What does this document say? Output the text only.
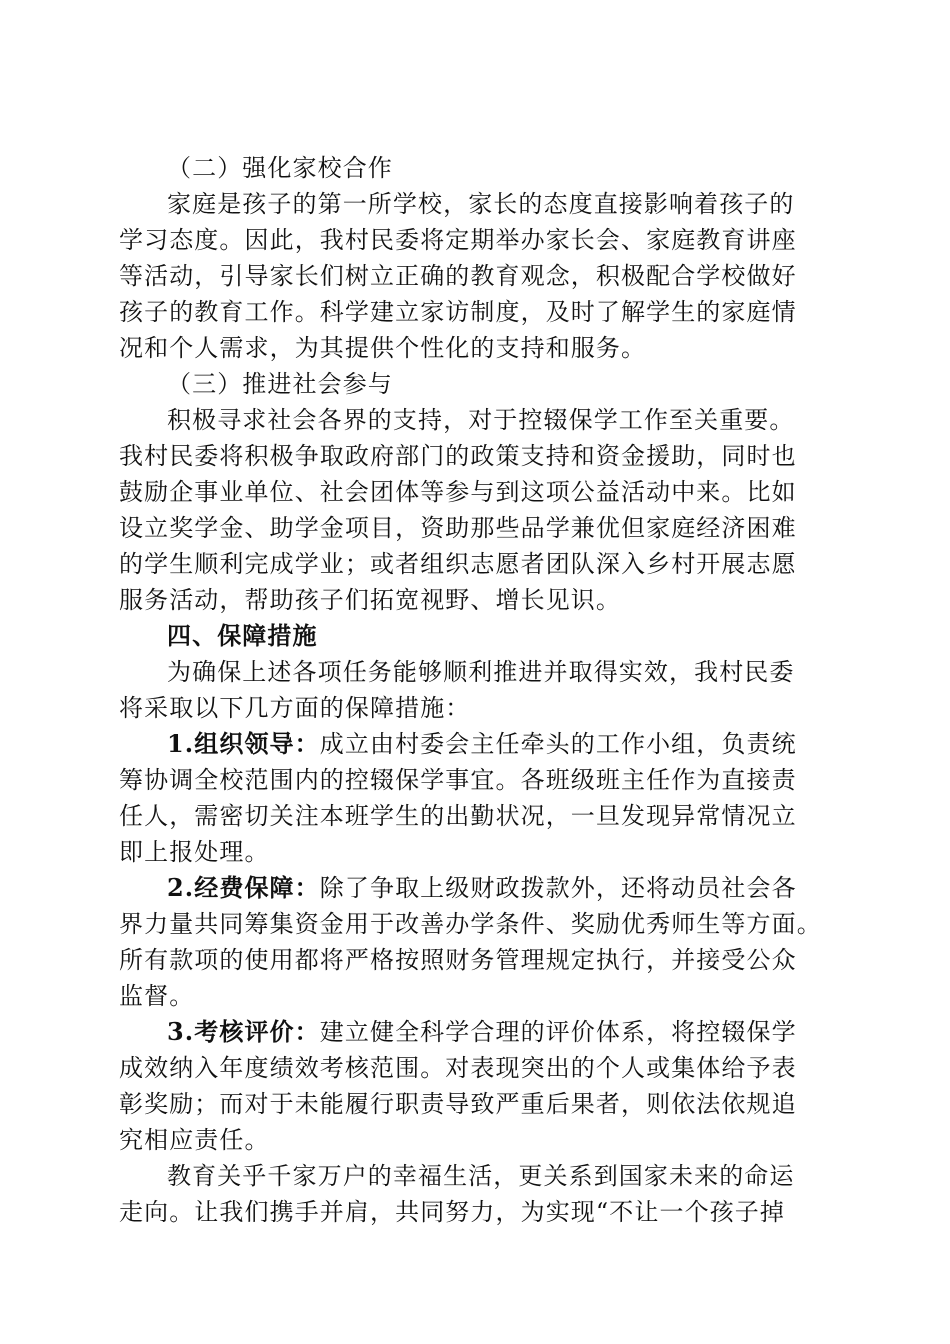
（二）强化家校合作
家庭是孩子的第一所学校，家长的态度直接影响着孩子的
学习态度。因此，我村民委将定期举办家长会、家庭教育讲座
等活动，引导家长们树立正确的教育观念，积极配合学校做好
孩子的教育工作。科学建立家访制度，及时了解学生的家庭情
况和个人需求，为其提供个性化的支持和服务。
（三）推进社会参与
积极寻求社会各界的支持，对于控辍保学工作至关重要。
我村民委将积极争取政府部门的政策支持和资金援助，同时也
鼓励企事业单位、社会团体等参与到这项公益活动中来。比如
设立奖学金、助学金项目，资助那些品学兼优但家庭经济困难
的学生顺利完成学业；或者组织志愿者团队深入乡村开展志愿
服务活动，帮助孩子们拓宽视野、增长见识。
四、保障措施
为确保上述各项任务能够顺利推进并取得实效，我村民委
将采取以下几方面的保障措施：
1.组织领导：成立由村委会主任牵头的工作小组，负责统
筹协调全校范围内的控辍保学事宜。各班级班主任作为直接责
任人，需密切关注本班学生的出勤状况，一旦发现异常情况立
即上报处理。
2.经费保障：除了争取上级财政拨款外，还将动员社会各
界力量共同筹集资金用于改善办学条件、奖励优秀师生等方面。
所有款项的使用都将严格按照财务管理规定执行，并接受公众
监督。
3.考核评价：建立健全科学合理的评价体系，将控辍保学
成效纳入年度绩效考核范围。对表现突出的个人或集体给予表
彰奖励；而对于未能履行职责导致严重后果者，则依法依规追
究相应责任。
教育关乎千家万户的幸福生活，更关系到国家未来的命运
走向。让我们携手并肩，共同努力，为实现“不让一个孩子掉
